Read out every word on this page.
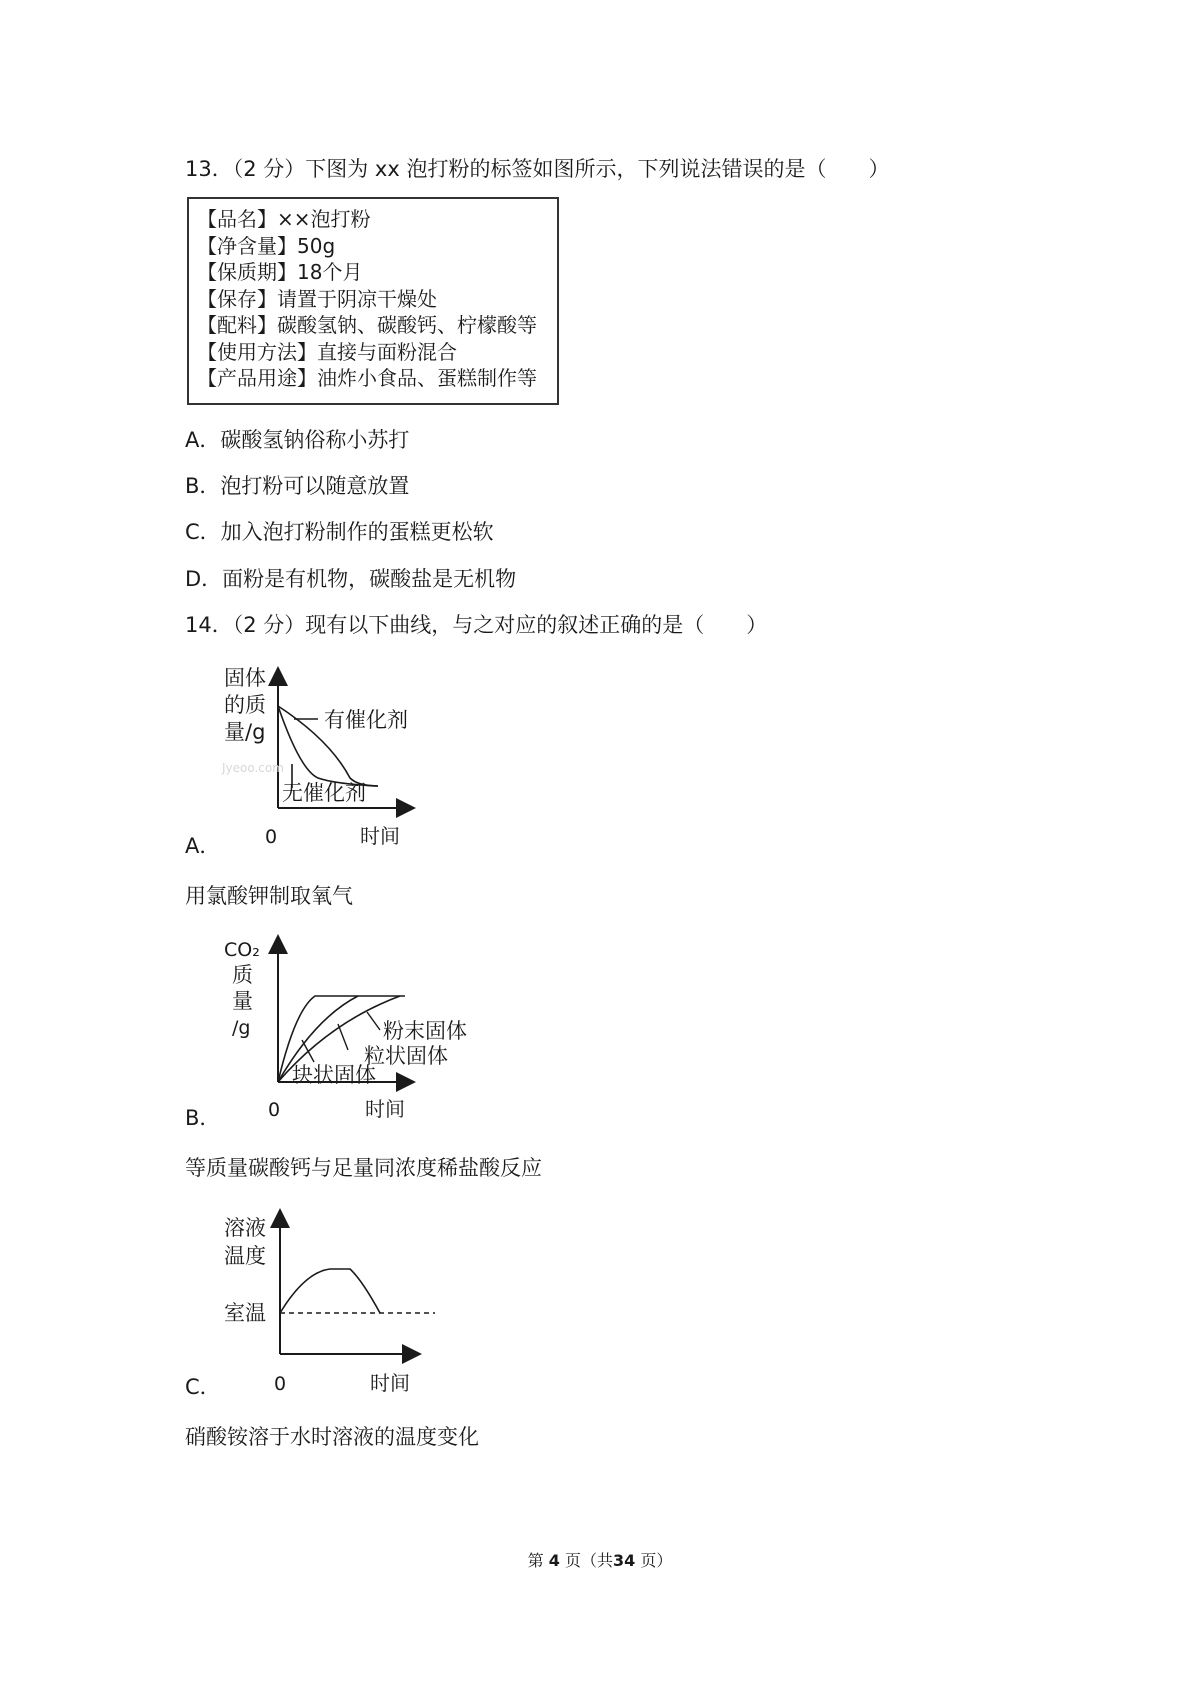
13．（2 分）下图为 xx 泡打粉的标签如图所示，下列说法错误的是（　　）
【品名】××泡打粉
【净含量】50g
【保质期】18个月
【保存】请置于阴凉干燥处
【配料】碳酸氢钠、碳酸钙、柠檬酸等
【使用方法】直接与面粉混合
【产品用途】油炸小食品、蛋糕制作等
A．碳酸氢钠俗称小苏打
B．泡打粉可以随意放置
C．加入泡打粉制作的蛋糕更松软
D．面粉是有机物，碳酸盐是无机物
14．（2 分）现有以下曲线，与之对应的叙述正确的是（　　）
固体
的质
量/g	有催化剂
无催化剂
Jyeoo.com
0	时间
A．
用氯酸钾制取氧气
CO₂
质
量
/g	粉末固体
粒状固体
块状固体
0	时间
B．
等质量碳酸钙与足量同浓度稀盐酸反应
溶液
温度
室温
0	时间
C．
硝酸铵溶于水时溶液的温度变化
第 4 页（共34 页）
